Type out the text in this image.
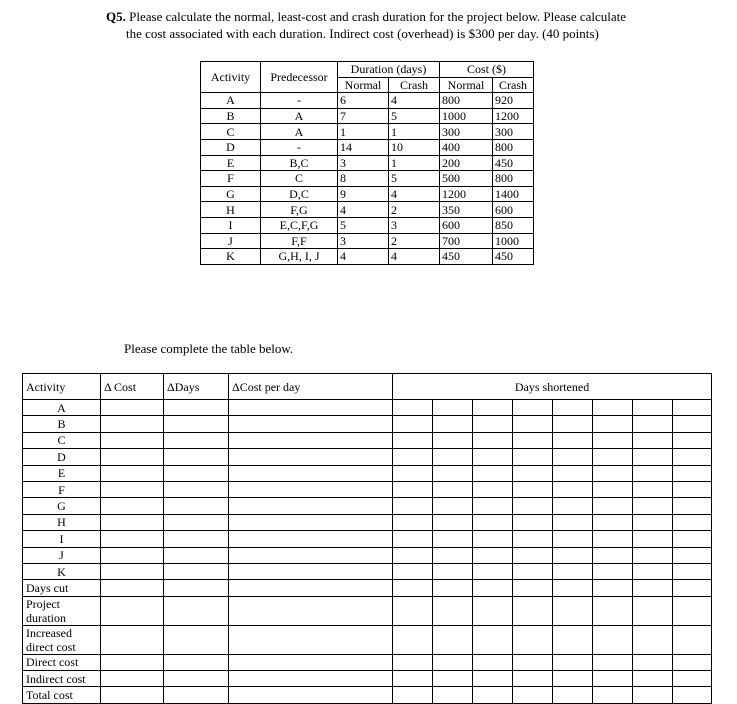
Q5. Please calculate the normal, least-cost and crash duration for the project below. Please calculate
the cost associated with each duration. Indirect cost (overhead) is $300 per day. (40 points)
Activity	Predecessor	Duration (days)		Cost ($)	
		Normal	Crash	Normal	Crash
A	-	6	4	800	920
B	A	7	5	1000	1200
C	A	1	1	300	300
D	-	14	10	400	800
E	B,C	3	1	200	450
F	C	8	5	500	800
G	D,C	9	4	1200	1400
H	F,G	4	2	350	600
I	E,C,F,G	5	3	600	850
J	F,F	3	2	700	1000
K	G,H, I, J	4	4	450	450
Please complete the table below.
Activity	Δ Cost	ΔDays	ΔCost per day	Days shortened							
A											
B											
C											
D											
E											
F											
G											
H											
I											
J											
K											
Days cut											
Project duration											
Increased direct cost											
Direct cost											
Indirect cost											
Total cost											
